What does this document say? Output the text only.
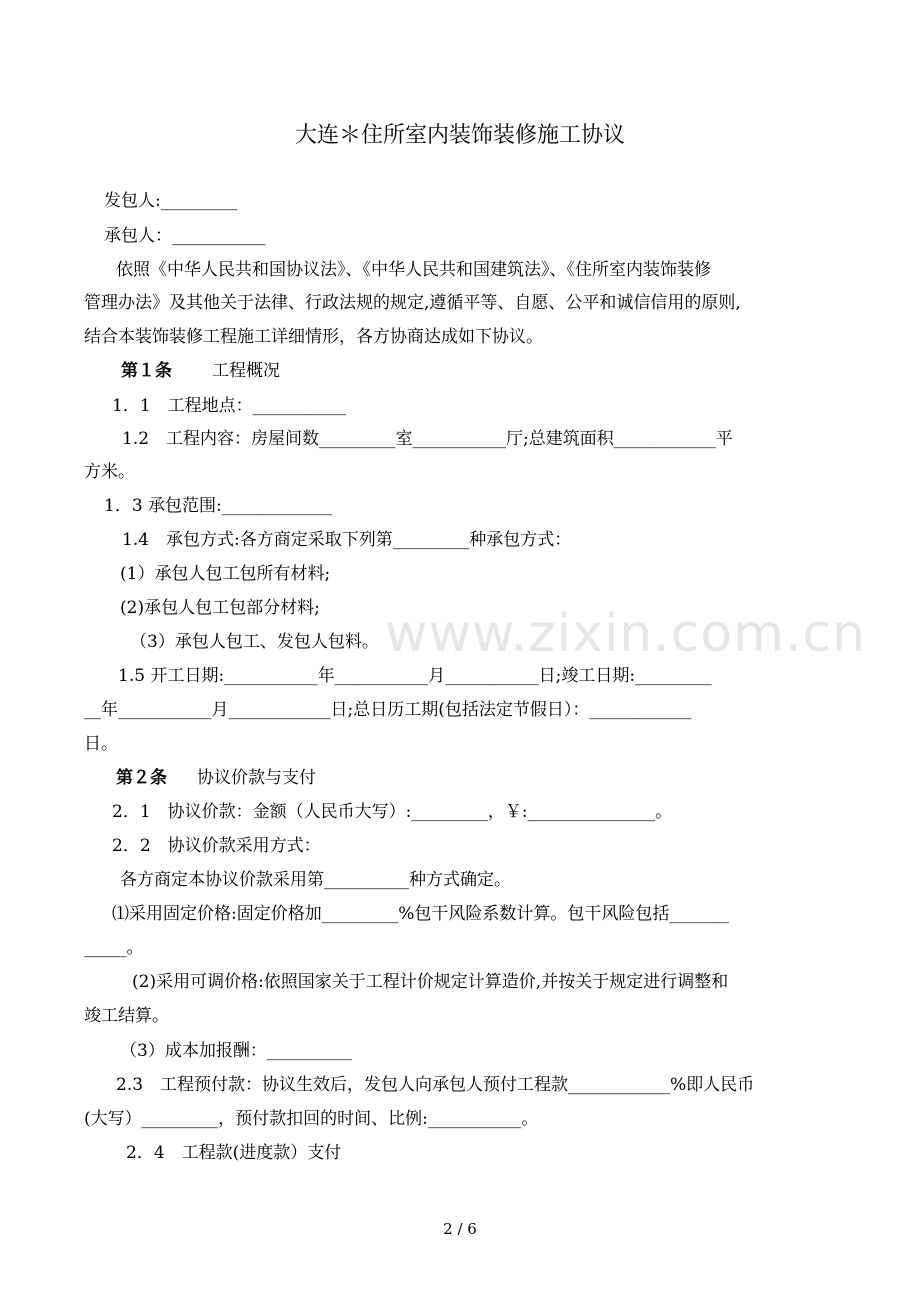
www.zixin.com.cn
大连＊住所室内装饰装修施工协议
发包人:_________
承包人：___________
依照《中华人民共和国协议法》、《中华人民共和国建筑法》、《住所室内装饰装修
管理办法》及其他关于法律、行政法规的规定,遵循平等、自愿、公平和诚信信用的原则,
结合本装饰装修工程施工详细情形，各方协商达成如下协议。
第１条 工程概况
1．1　工程地点：___________
1.2　工程内容：房屋间数_________室___________厅;总建筑面积____________平
方米。
1．3 承包范围:_____________
1.4　承包方式:各方商定采取下列第_________种承包方式：
(1）承包人包工包所有材料;
(2)承包人包工包部分材料;
（3）承包人包工、发包人包料。
1.5 开工日期:___________年___________月___________日;竣工日期:_________
__年___________月____________日;总日历工期(包括法定节假日）：____________
日。
第２条 协议价款与支付
2．1　协议价款：金额（人民币大写）:_________，￥:_______________。
2．2　协议价款采用方式：
各方商定本协议价款采用第__________种方式确定。
⑴采用固定价格:固定价格加_________%包干风险系数计算。包干风险包括_______
_____。
(2)采用可调价格:依照国家关于工程计价规定计算造价,并按关于规定进行调整和
竣工结算。
（3）成本加报酬：__________
2.3　工程预付款：协议生效后，发包人向承包人预付工程款____________%即人民币
(大写）_________，预付款扣回的时间、比例:___________。
2．4　工程款(进度款）支付
2 / 6
